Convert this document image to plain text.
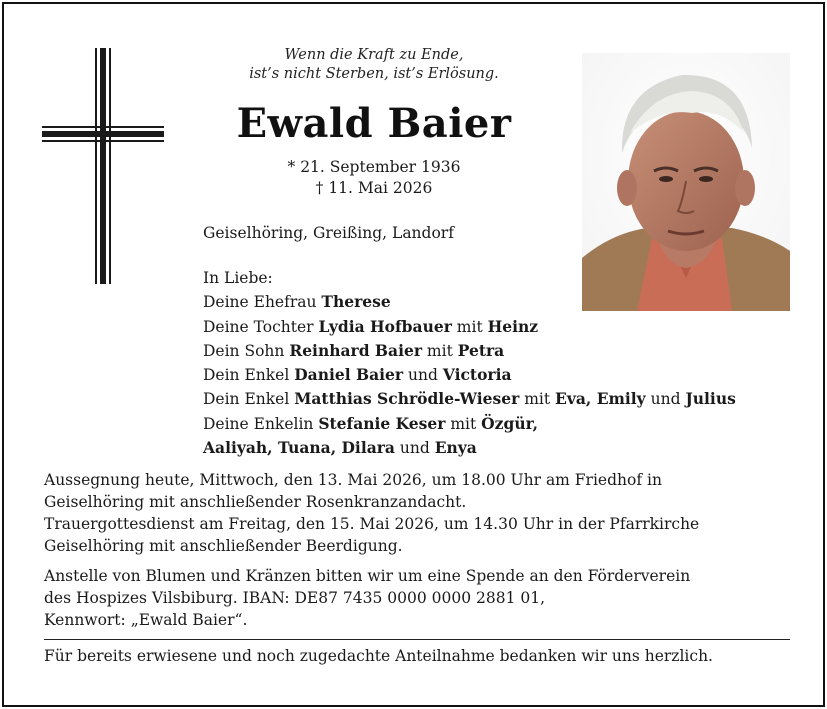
Wenn die Kraft zu Ende,
ist’s nicht Sterben, ist’s Erlösung.
Ewald Baier
* 21. September 1936
† 11. Mai 2026
Geiselhöring, Greißing, Landorf
In Liebe:
Deine Ehefrau Therese
Deine Tochter Lydia Hofbauer mit Heinz
Dein Sohn Reinhard Baier mit Petra
Dein Enkel Daniel Baier und Victoria
Dein Enkel Matthias Schrödle-Wieser mit Eva, Emily und Julius
Deine Enkelin Stefanie Keser mit Özgür,
Aaliyah, Tuana, Dilara und Enya

Aussegnung heute, Mittwoch, den 13. Mai 2026, um 18.00 Uhr am Friedhof in

Geiselhöring mit anschließender Rosenkranzandacht.

Trauergottesdienst am Freitag, den 15. Mai 2026, um 14.30 Uhr in der Pfarrkirche

Geiselhöring mit anschließender Beerdigung.

Anstelle von Blumen und Kränzen bitten wir um eine Spende an den Förderverein

des Hospizes Vilsbiburg. IBAN: DE87 7435 0000 0000 2881 01,

Kennwort: „Ewald Baier“.

Für bereits erwiesene und noch zugedachte Anteilnahme bedanken wir uns herzlich.
